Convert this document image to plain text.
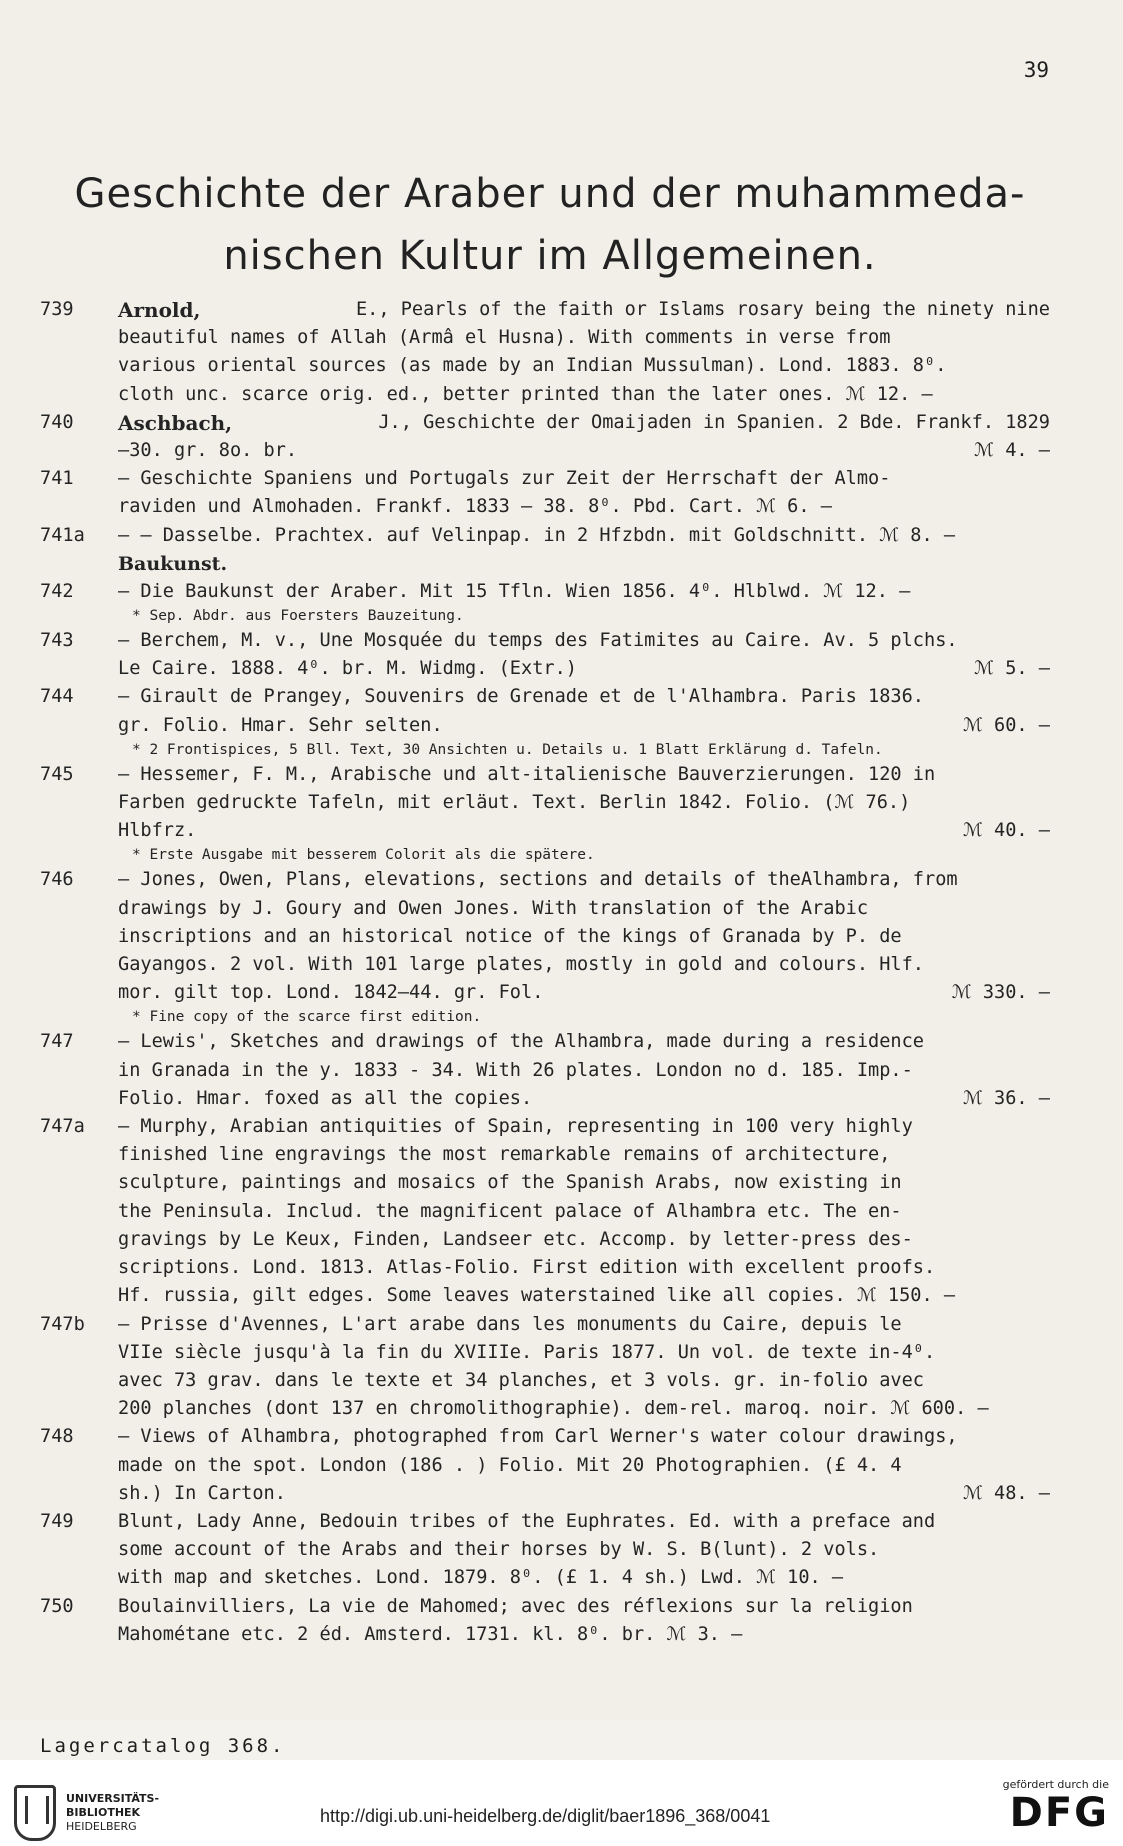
39
Geschichte der Araber und der muhammeda-
nischen Kultur im Allgemeinen.
739	Arnold,	E., Pearls of the faith or Islams rosary being the ninety nine
beautiful names of Allah (Armâ el Husna). With comments in verse from
various oriental sources (as made by an Indian Mussulman). Lond. 1883. 8⁰.
cloth unc. scarce orig. ed., better printed than the later ones. ℳ 12. —
740	Aschbach,	J., Geschichte der Omaijaden in Spanien. 2 Bde. Frankf. 1829
—30. gr. 8o. br.	ℳ 4. —
741	— Geschichte Spaniens und Portugals zur Zeit der Herrschaft der Almo-
raviden und Almohaden. Frankf. 1833 – 38. 8⁰. Pbd. Cart. ℳ 6. —
741a	— — Dasselbe. Prachtex. auf Velinpap. in 2 Hfzbdn. mit Goldschnitt. ℳ 8. —
Baukunst.
742	— Die Baukunst der Araber. Mit 15 Tfln. Wien 1856. 4⁰. Hlblwd. ℳ 12. —
* Sep. Abdr. aus Foersters Bauzeitung.
743	— Berchem, M. v., Une Mosquée du temps des Fatimites au Caire. Av. 5 plchs.
Le Caire. 1888. 4⁰. br. M. Widmg. (Extr.)	ℳ 5. —
744	— Girault de Prangey, Souvenirs de Grenade et de l'Alhambra. Paris 1836.
gr. Folio. Hmar. Sehr selten.	ℳ 60. —
* 2 Frontispices, 5 Bll. Text, 30 Ansichten u. Details u. 1 Blatt Erklärung d. Tafeln.
745	— Hessemer, F. M., Arabische und alt-italienische Bauverzierungen. 120 in
Farben gedruckte Tafeln, mit erläut. Text. Berlin 1842. Folio. (ℳ 76.)
Hlbfrz.	ℳ 40. —
* Erste Ausgabe mit besserem Colorit als die spätere.
746	— Jones, Owen, Plans, elevations, sections and details of theAlhambra, from
drawings by J. Goury and Owen Jones. With translation of the Arabic
inscriptions and an historical notice of the kings of Granada by P. de
Gayangos. 2 vol. With 101 large plates, mostly in gold and colours. Hlf.
mor. gilt top. Lond. 1842—44. gr. Fol.	ℳ 330. —
* Fine copy of the scarce first edition.
747	— Lewis', Sketches and drawings of the Alhambra, made during a residence
in Granada in the y. 1833 - 34. With 26 plates. London no d. 185. Imp.-
Folio. Hmar. foxed as all the copies.	ℳ 36. —
747a	— Murphy, Arabian antiquities of Spain, representing in 100 very highly
finished line engravings the most remarkable remains of architecture,
sculpture, paintings and mosaics of the Spanish Arabs, now existing in
the Peninsula. Includ. the magnificent palace of Alhambra etc. The en-
gravings by Le Keux, Finden, Landseer etc. Accomp. by letter-press des-
scriptions. Lond. 1813. Atlas-Folio. First edition with excellent proofs.
Hf. russia, gilt edges. Some leaves waterstained like all copies. ℳ 150. —
747b	— Prisse d'Avennes, L'art arabe dans les monuments du Caire, depuis le
VIIe siècle jusqu'à la fin du XVIIIe. Paris 1877. Un vol. de texte in-4⁰.
avec 73 grav. dans le texte et 34 planches, et 3 vols. gr. in-folio avec
200 planches (dont 137 en chromolithographie). dem-rel. maroq. noir. ℳ 600. —
748	— Views of Alhambra, photographed from Carl Werner's water colour drawings,
made on the spot. London (186 . ) Folio. Mit 20 Photographien. (£ 4. 4
sh.) In Carton.	ℳ 48. —
749	Blunt, Lady Anne, Bedouin tribes of the Euphrates. Ed. with a preface and
some account of the Arabs and their horses by W. S. B(lunt). 2 vols.
with map and sketches. Lond. 1879. 8⁰. (£ 1. 4 sh.) Lwd. ℳ 10. —
750	Boulainvilliers, La vie de Mahomed; avec des réflexions sur la religion
Mahométane etc. 2 éd. Amsterd. 1731. kl. 8⁰. br. ℳ 3. —
Lagercatalog 368.
UNIVERSITÄTS-
BIBLIOTHEK
HEIDELBERG
http://digi.ub.uni-heidelberg.de/diglit/baer1896_368/0041
gefördert durch die
DFG
